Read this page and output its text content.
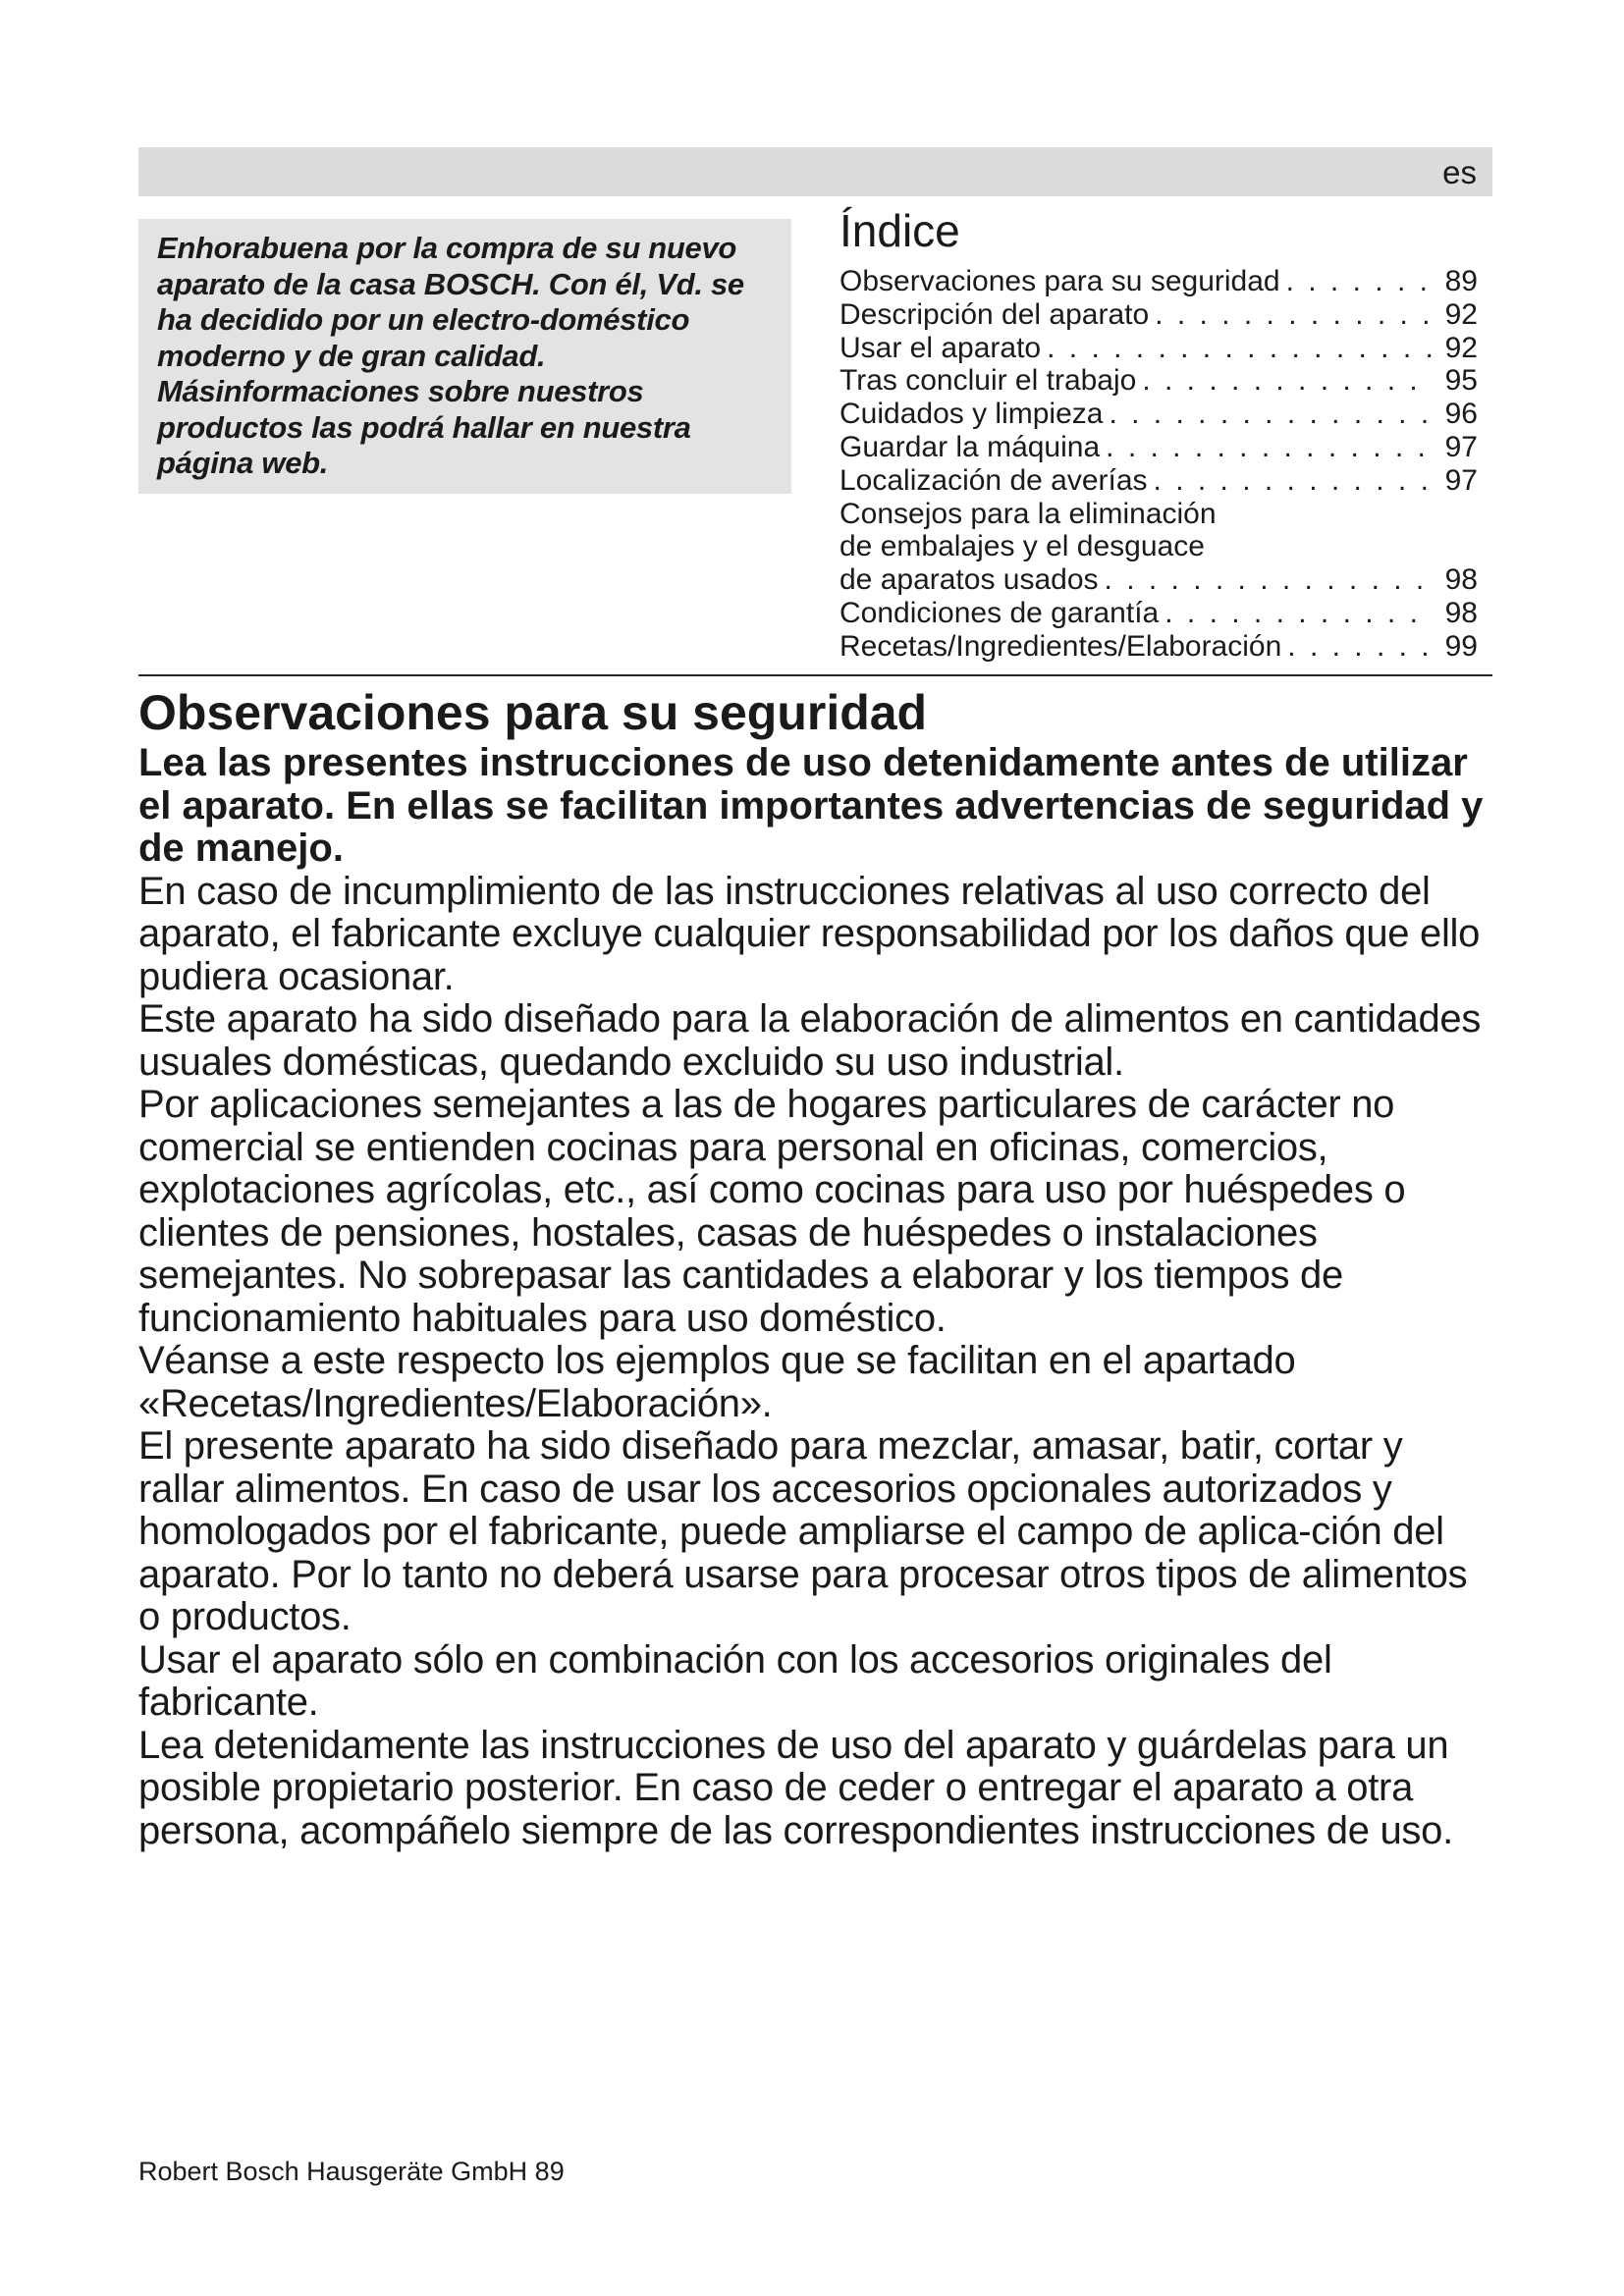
es

Enhorabuena por la compra de su nuevo aparato de la casa BOSCH. Con él, Vd. se ha decidido por un electro-doméstico moderno y de gran calidad. Másinformaciones sobre nuestros productos las podrá hallar en nuestra página web.

Índice
Observaciones para su seguridad . . .	89
Descripción del aparato . . .	92
Usar el aparato . . .	92
Tras concluir el trabajo . . .	95
Cuidados y limpieza . . .	96
Guardar la máquina . . .	97
Localización de averías . . .	97
Consejos para la eliminación
de embalajes y el desguace
de aparatos usados . . .	98
Condiciones de garantía . . .	98
Recetas/Ingredientes/Elaboración . . .	99
Observaciones para su seguridad

Lea las presentes instrucciones de uso detenidamente antes de utilizar el aparato. En ellas se facilitan importantes advertencias de seguridad y de manejo.

En caso de incumplimiento de las instrucciones relativas al uso correcto del aparato, el fabricante excluye cualquier responsabilidad por los daños que ello pudiera ocasionar.

Este aparato ha sido diseñado para la elaboración de alimentos en cantidades usuales domésticas, quedando excluido su uso industrial.

Por aplicaciones semejantes a las de hogares particulares de carácter no comercial se entienden cocinas para personal en oficinas, comercios, explotaciones agrícolas, etc., así como cocinas para uso por huéspedes o clientes de pensiones, hostales, casas de huéspedes o instalaciones semejantes. No sobrepasar las cantidades a elaborar y los tiempos de funcionamiento habituales para uso doméstico.

Véanse a este respecto los ejemplos que se facilitan en el apartado «Recetas/Ingredientes/Elaboración».

El presente aparato ha sido diseñado para mezclar, amasar, batir, cortar y rallar alimentos. En caso de usar los accesorios opcionales autorizados y homologados por el fabricante, puede ampliarse el campo de aplica-ción del aparato. Por lo tanto no deberá usarse para procesar otros tipos de alimentos o productos.

Usar el aparato sólo en combinación con los accesorios originales del fabricante.

Lea detenidamente las instrucciones de uso del aparato y guárdelas para un posible propietario posterior. En caso de ceder o entregar el aparato a otra persona, acompáñelo siempre de las correspondientes instrucciones de uso.

Robert Bosch Hausgeräte GmbH 89
